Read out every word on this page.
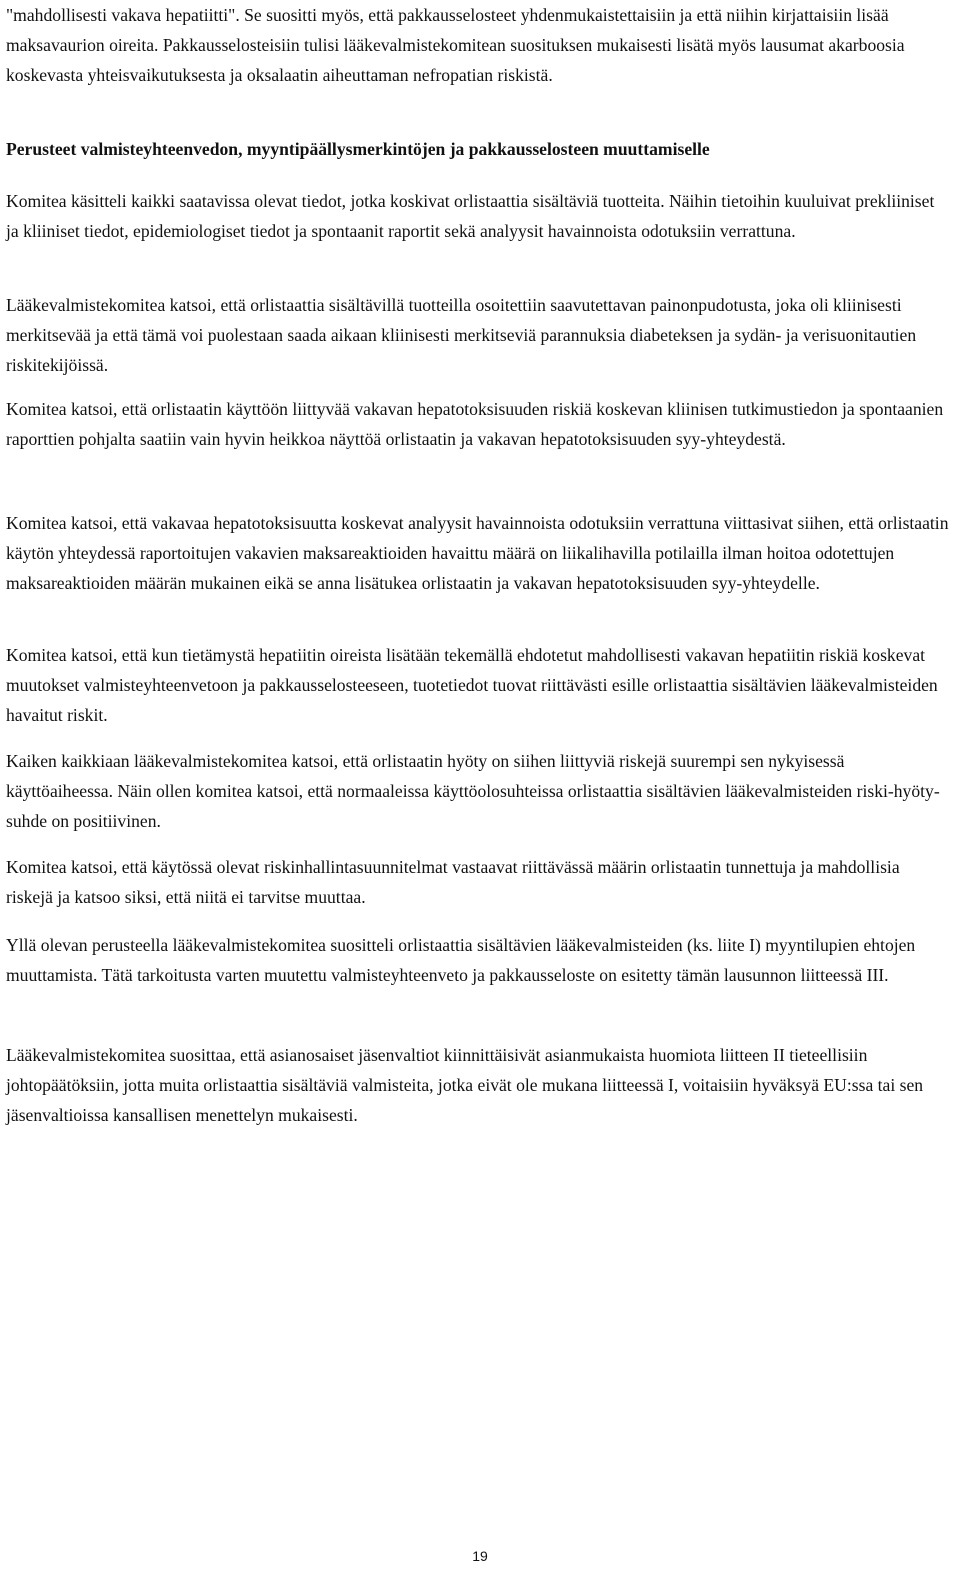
"mahdollisesti vakava hepatiitti". Se suositti myös, että pakkausselosteet yhdenmukaistettaisiin ja että niihin kirjattaisiin lisää maksavaurion oireita. Pakkausselosteisiin tulisi lääkevalmistekomitean suosituksen mukaisesti lisätä myös lausumat akarboosia koskevasta yhteisvaikutuksesta ja oksalaatin aiheuttaman nefropatian riskistä.

Perusteet valmisteyhteenvedon, myyntipäällysmerkintöjen ja pakkausselosteen muuttamiselle

Komitea käsitteli kaikki saatavissa olevat tiedot, jotka koskivat orlistaattia sisältäviä tuotteita. Näihin tietoihin kuuluivat prekliiniset ja kliiniset tiedot, epidemiologiset tiedot ja spontaanit raportit sekä analyysit havainnoista odotuksiin verrattuna.

Lääkevalmistekomitea katsoi, että orlistaattia sisältävillä tuotteilla osoitettiin saavutettavan painonpudotusta, joka oli kliinisesti merkitsevää ja että tämä voi puolestaan saada aikaan kliinisesti merkitseviä parannuksia diabeteksen ja sydän- ja verisuonitautien riskitekijöissä.

Komitea katsoi, että orlistaatin käyttöön liittyvää vakavan hepatotoksisuuden riskiä koskevan kliinisen tutkimustiedon ja spontaanien raporttien pohjalta saatiin vain hyvin heikkoa näyttöä orlistaatin ja vakavan hepatotoksisuuden syy-yhteydestä.

Komitea katsoi, että vakavaa hepatotoksisuutta koskevat analyysit havainnoista odotuksiin verrattuna viittasivat siihen, että orlistaatin käytön yhteydessä raportoitujen vakavien maksareaktioiden havaittu määrä on liikalihavilla potilailla ilman hoitoa odotettujen maksareaktioiden määrän mukainen eikä se anna lisätukea orlistaatin ja vakavan hepatotoksisuuden syy-yhteydelle.

Komitea katsoi, että kun tietämystä hepatiitin oireista lisätään tekemällä ehdotetut mahdollisesti vakavan hepatiitin riskiä koskevat muutokset valmisteyhteenvetoon ja pakkausselosteeseen, tuotetiedot tuovat riittävästi esille orlistaattia sisältävien lääkevalmisteiden havaitut riskit.

Kaiken kaikkiaan lääkevalmistekomitea katsoi, että orlistaatin hyöty on siihen liittyviä riskejä suurempi sen nykyisessä käyttöaiheessa. Näin ollen komitea katsoi, että normaaleissa käyttöolosuhteissa orlistaattia sisältävien lääkevalmisteiden riski-hyöty-suhde on positiivinen.

Komitea katsoi, että käytössä olevat riskinhallintasuunnitelmat vastaavat riittävässä määrin orlistaatin tunnettuja ja mahdollisia riskejä ja katsoo siksi, että niitä ei tarvitse muuttaa.

Yllä olevan perusteella lääkevalmistekomitea suositteli orlistaattia sisältävien lääkevalmisteiden (ks. liite I) myyntilupien ehtojen muuttamista. Tätä tarkoitusta varten muutettu valmisteyhteenveto ja pakkausseloste on esitetty tämän lausunnon liitteessä III.

Lääkevalmistekomitea suosittaa, että asianosaiset jäsenvaltiot kiinnittäisivät asianmukaista huomiota liitteen II tieteellisiin johtopäätöksiin, jotta muita orlistaattia sisältäviä valmisteita, jotka eivät ole mukana liitteessä I, voitaisiin hyväksyä EU:ssa tai sen jäsenvaltioissa kansallisen menettelyn mukaisesti.

19
